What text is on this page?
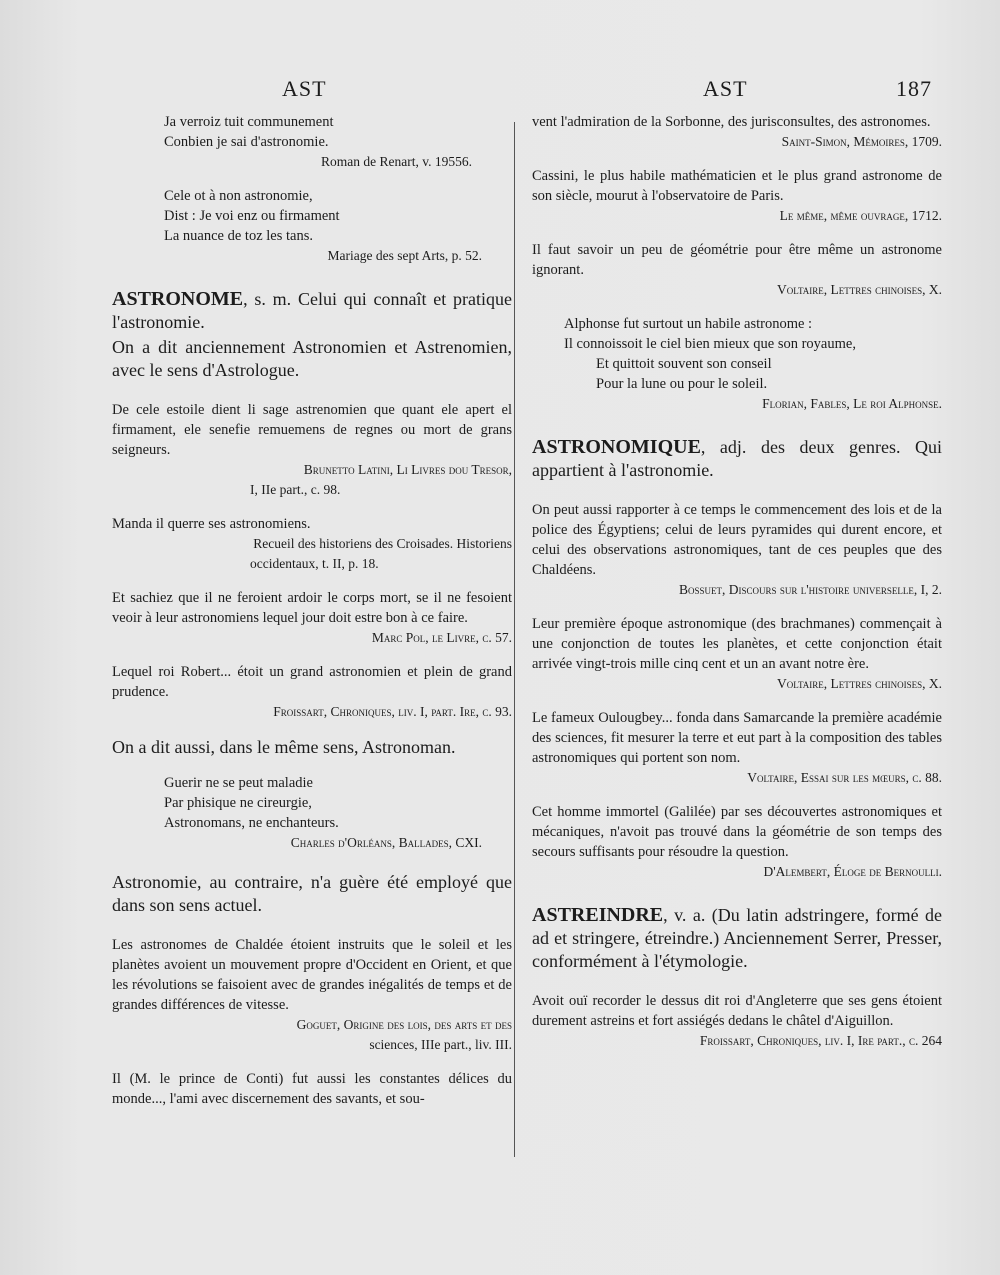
AST	AST	187
Ja verroiz tuit communement
Conbien je sai d'astronomie.
Roman de Renart, v. 19556.
Cele ot à non astronomie,
Dist : Je voi enz ou firmament
La nuance de toz les tans.
Mariage des sept Arts, p. 52.
ASTRONOME, s. m. Celui qui connaît et pratique l'astronomie.
On a dit anciennement Astronomien et Astrenomien, avec le sens d'Astrologue.
De cele estoile dient li sage astrenomien que quant ele apert el firmament, ele senefie remuemens de regnes ou mort de grans seigneurs.
Brunetto Latini, Li Livres dou Tresor,
I, IIe part., c. 98.
Manda il querre ses astronomiens.
Recueil des historiens des Croisades. Historiens
occidentaux, t. II, p. 18.
Et sachiez que il ne feroient ardoir le corps mort, se il ne fesoient veoir à leur astronomiens lequel jour doit estre bon à ce faire.
Marc Pol, le Livre, c. 57.
Lequel roi Robert... étoit un grand astronomien et plein de grand prudence.
Froissart, Chroniques, liv. I, part. Ire, c. 93.
On a dit aussi, dans le même sens, Astronoman.
Guerir ne se peut maladie
Par phisique ne cireurgie,
Astronomans, ne enchanteurs.
Charles d'Orléans, Ballades, CXI.
Astronomie, au contraire, n'a guère été employé que dans son sens actuel.
Les astronomes de Chaldée étoient instruits que le soleil et les planètes avoient un mouvement propre d'Occident en Orient, et que les révolutions se faisoient avec de grandes inégalités de temps et de grandes différences de vitesse.
Goguet, Origine des lois, des arts et des
sciences, IIIe part., liv. III.
Il (M. le prince de Conti) fut aussi les constantes délices du monde..., l'ami avec discernement des savants, et sou-
vent l'admiration de la Sorbonne, des jurisconsultes, des astronomes.
Saint-Simon, Mémoires, 1709.
Cassini, le plus habile mathématicien et le plus grand astronome de son siècle, mourut à l'observatoire de Paris.
Le même, même ouvrage, 1712.
Il faut savoir un peu de géométrie pour être même un astronome ignorant.
Voltaire, Lettres chinoises, X.
Alphonse fut surtout un habile astronome :
Il connoissoit le ciel bien mieux que son royaume,
Et quittoit souvent son conseil
Pour la lune ou pour le soleil.
Florian, Fables, Le roi Alphonse.
ASTRONOMIQUE, adj. des deux genres. Qui appartient à l'astronomie.
On peut aussi rapporter à ce temps le commencement des lois et de la police des Égyptiens; celui de leurs pyramides qui durent encore, et celui des observations astronomiques, tant de ces peuples que des Chaldéens.
Bossuet, Discours sur l'histoire universelle, I, 2.
Leur première époque astronomique (des brachmanes) commençait à une conjonction de toutes les planètes, et cette conjonction était arrivée vingt-trois mille cinq cent et un an avant notre ère.
Voltaire, Lettres chinoises, X.
Le fameux Oulougbey... fonda dans Samarcande la première académie des sciences, fit mesurer la terre et eut part à la composition des tables astronomiques qui portent son nom.
Voltaire, Essai sur les mœurs, c. 88.
Cet homme immortel (Galilée) par ses découvertes astronomiques et mécaniques, n'avoit pas trouvé dans la géométrie de son temps des secours suffisants pour résoudre la question.
D'Alembert, Éloge de Bernoulli.
ASTREINDRE, v. a. (Du latin adstringere, formé de ad et stringere, étreindre.) Anciennement Serrer, Presser, conformément à l'étymologie.
Avoit ouï recorder le dessus dit roi d'Angleterre que ses gens étoient durement astreins et fort assiégés dedans le châtel d'Aiguillon.
Froissart, Chroniques, liv. I, Ire part., c. 264
